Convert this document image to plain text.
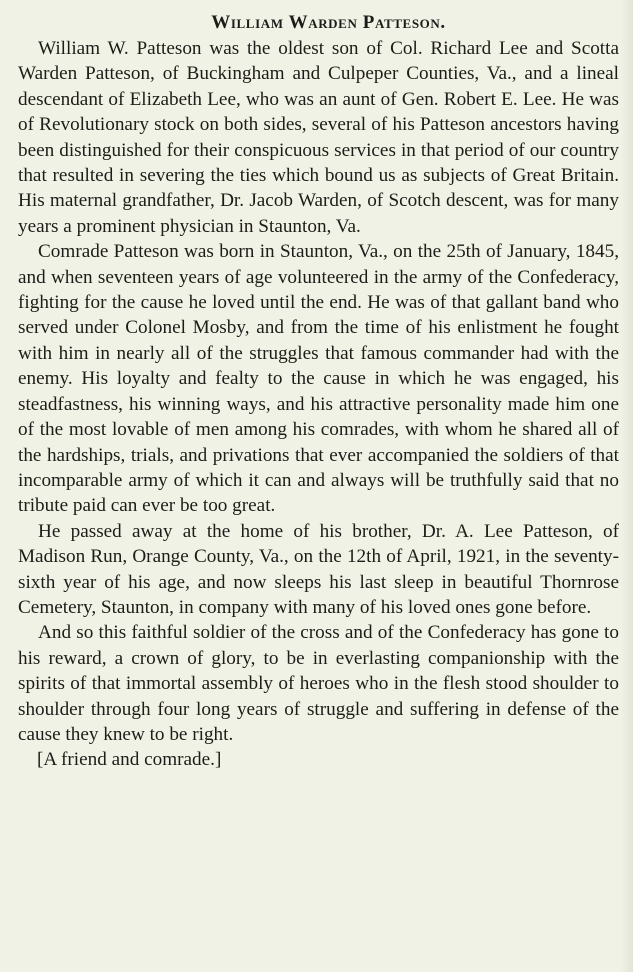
William Warden Patteson.

William W. Patteson was the oldest son of Col. Richard Lee and Scotta Warden Patteson, of Buckingham and Culpeper Counties, Va., and a lineal descendant of Elizabeth Lee, who was an aunt of Gen. Robert E. Lee. He was of Revolutionary stock on both sides, several of his Patteson ancestors having been distinguished for their conspicuous services in that period of our country that resulted in severing the ties which bound us as subjects of Great Britain. His maternal grandfather, Dr. Jacob Warden, of Scotch descent, was for many years a prominent physician in Staunton, Va.

Comrade Patteson was born in Staunton, Va., on the 25th of January, 1845, and when seventeen years of age volunteered in the army of the Confederacy, fighting for the cause he loved until the end. He was of that gallant band who served under Colonel Mosby, and from the time of his enlistment he fought with him in nearly all of the struggles that famous commander had with the enemy. His loyalty and fealty to the cause in which he was engaged, his steadfastness, his winning ways, and his attractive personality made him one of the most lovable of men among his comrades, with whom he shared all of the hardships, trials, and privations that ever accompanied the soldiers of that incomparable army of which it can and always will be truthfully said that no tribute paid can ever be too great.

He passed away at the home of his brother, Dr. A. Lee Patteson, of Madison Run, Orange County, Va., on the 12th of April, 1921, in the seventy-sixth year of his age, and now sleeps his last sleep in beautiful Thornrose Cemetery, Staunton, in company with many of his loved ones gone before.

And so this faithful soldier of the cross and of the Confederacy has gone to his reward, a crown of glory, to be in everlasting companionship with the spirits of that immortal assembly of heroes who in the flesh stood shoulder to shoulder through four long years of struggle and suffering in defense of the cause they knew to be right.

[A friend and comrade.]
